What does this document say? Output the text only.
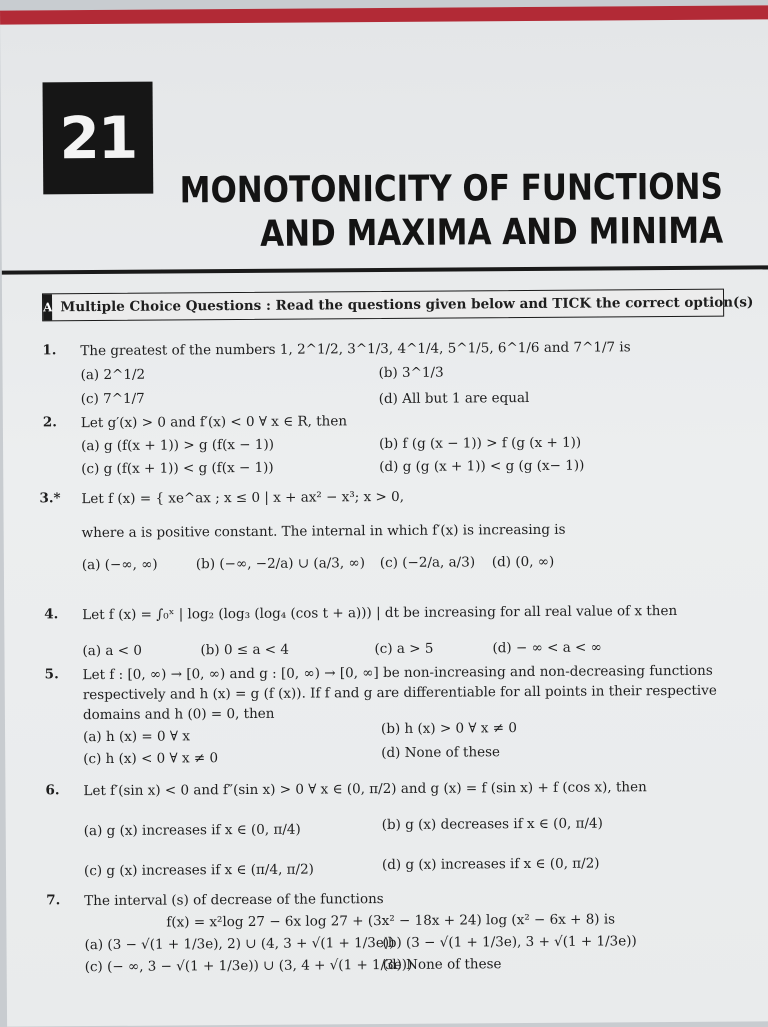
21
MONOTONICITY OF FUNCTIONS
AND MAXIMA AND MINIMA
A Multiple Choice Questions : Read the questions given below and TICK the correct option(s)
1. The greatest of the numbers 1, 2^1/2, 3^1/3, 4^1/4, 5^1/5, 6^1/6 and 7^1/7 is
(a) 2^1/2	(b) 3^1/3
(c) 7^1/7	(d) All but 1 are equal
2. Let g′(x) > 0 and f′(x) < 0 ∀ x ∈ R, then
(a) g (f(x + 1)) > g (f(x − 1))	(b) f (g (x − 1)) > f (g (x + 1))
(c) g (f(x + 1)) < g (f(x − 1))	(d) g (g (x + 1)) < g (g (x− 1))
3.* Let f (x) = { xe^ax ; x ≤ 0 | x + ax² − x³; x > 0,
where a is positive constant. The internal in which f′(x) is increasing is
(a) (−∞, ∞)	(b) (−∞, −2/a) ∪ (a/3, ∞) (c) (−2/a, a/3) (d) (0, ∞)
4. Let f (x) = ∫₀ˣ | log₂ (log₃ (log₄ (cos t + a))) | dt be increasing for all real value of x then
(a) a < 0	(b) 0 ≤ a < 4	(c) a > 5	(d) − ∞ < a < ∞
5. Let f : [0, ∞) → [0, ∞) and g : [0, ∞) → [0, ∞] be non-increasing and non-decreasing functions
respectively and h (x) = g (f (x)). If f and g are differentiable for all points in their respective
domains and h (0) = 0, then
(a) h (x) = 0 ∀ x	(b) h (x) > 0 ∀ x ≠ 0
(c) h (x) < 0 ∀ x ≠ 0	(d) None of these
6. Let f′(sin x) < 0 and f″(sin x) > 0 ∀ x ∈ (0, π/2) and g (x) = f (sin x) + f (cos x), then
(a) g (x) increases if x ∈ (0, π/4)	(b) g (x) decreases if x ∈ (0, π/4)
(c) g (x) increases if x ∈ (π/4, π/2)	(d) g (x) increases if x ∈ (0, π/2)
7. The interval (s) of decrease of the functions
f(x) = x²log 27 − 6x log 27 + (3x² − 18x + 24) log (x² − 6x + 8) is
(a) (3 − √(1 + 1/3e), 2) ∪ (4, 3 + √(1 + 1/3e))
(b) (3 − √(1 + 1/3e), 3 + √(1 + 1/3e))
(c) (− ∞, 3 − √(1 + 1/3e)) ∪ (3, 4 + √(1 + 1/3e))
(d) None of these
